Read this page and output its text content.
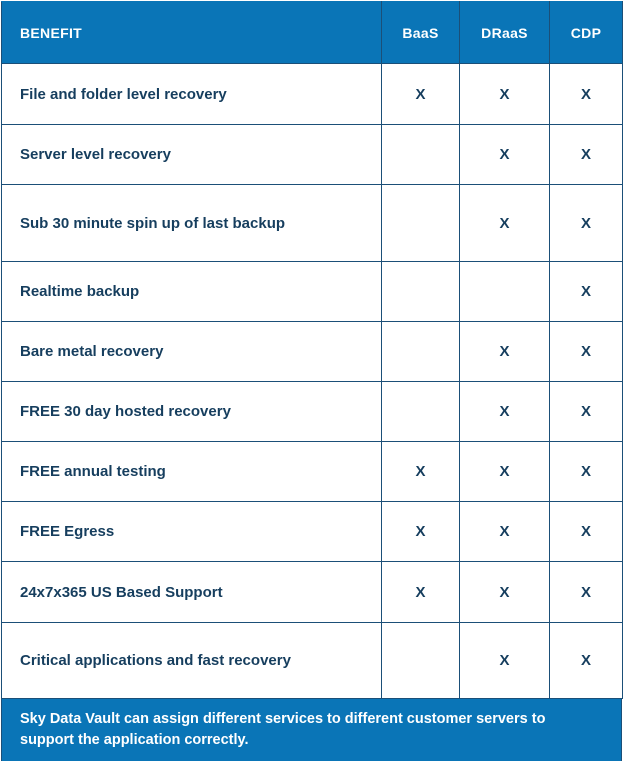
BENEFIT	BaaS	DRaaS	CDP
File and folder level recovery	X	X	X
Server level recovery		X	X
Sub 30 minute spin up of last backup		X	X
Realtime backup			X
Bare metal recovery		X	X
FREE 30 day hosted recovery		X	X
FREE annual testing	X	X	X
FREE Egress	X	X	X
24x7x365 US Based Support	X	X	X
Critical applications and fast recovery		X	X
Sky Data Vault can assign different services to different customer servers to support the application correctly.
